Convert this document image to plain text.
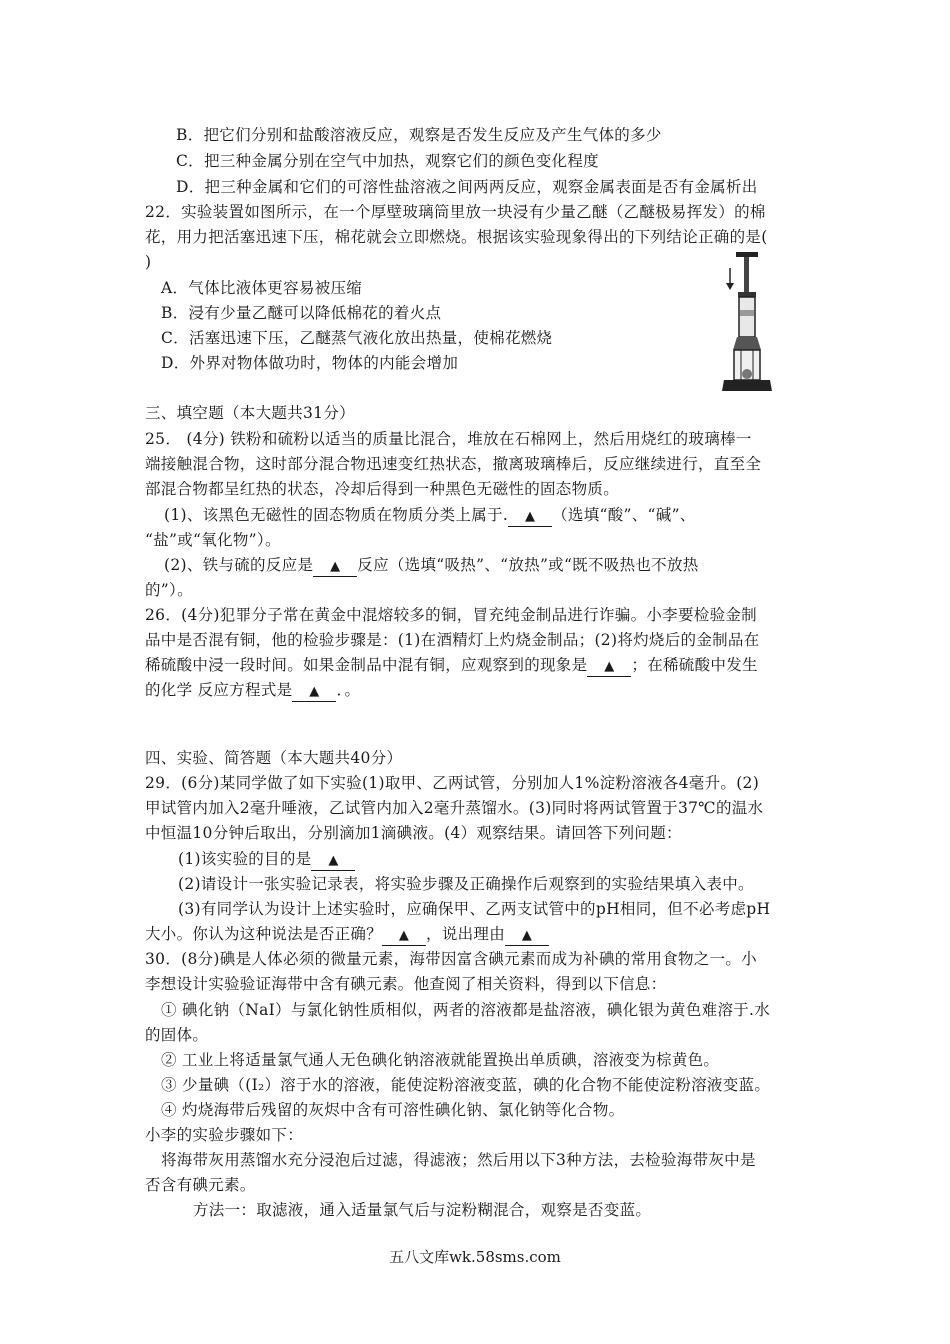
B．把它们分别和盐酸溶液反应，观察是否发生反应及产生气体的多少
C．把三种金属分别在空气中加热，观察它们的颜色变化程度
D．把三种金属和它们的可溶性盐溶液之间两两反应，观察金属表面是否有金属析出
22．实验装置如图所示，在一个厚壁玻璃筒里放一块浸有少量乙醚（乙醚极易挥发）的棉
花，用力把活塞迅速下压，棉花就会立即燃烧。根据该实验现象得出的下列结论正确的是(
)
A．气体比液体更容易被压缩
B．浸有少量乙醚可以降低棉花的着火点
C．活塞迅速下压，乙醚蒸气液化放出热量，使棉花燃烧
D．外界对物体做功时，物体的内能会增加
三、填空题（本大题共31分）
25． (4分) 铁粉和硫粉以适当的质量比混合，堆放在石棉网上，然后用烧红的玻璃棒一
端接触混合物，这时部分混合物迅速变红热状态，撤离玻璃棒后，反应继续进行，直至全
部混合物都呈红热的状态，冷却后得到一种黑色无磁性的固态物质。
(1)、该黑色无磁性的固态物质在物质分类上属于. ▲ （选填“酸”、“碱”、
“盐”或“氧化物”）。
(2)、铁与硫的反应是 ▲ 反应（选填“吸热”、“放热”或“既不吸热也不放热
的”）。
26．(4分)犯罪分子常在黄金中混熔较多的铜，冒充纯金制品进行诈骗。小李要检验金制
品中是否混有铜，他的检验步骤是：(1)在酒精灯上灼烧金制品；(2)将灼烧后的金制品在
稀硫酸中浸一段时间。如果金制品中混有铜，应观察到的现象是 ▲ ；在稀硫酸中发生
的化学 反应方程式是 ▲ ．。
四、实验、简答题（本大题共40分）
29．(6分)某同学做了如下实验(1)取甲、乙两试管，分别加人1%淀粉溶液各4毫升。(2)
甲试管内加入2毫升唾液，乙试管内加入2毫升蒸馏水。(3)同时将两试管置于37℃的温水
中恒温10分钟后取出，分别滴加1滴碘液。(4）观察结果。请回答下列问题：
(1)该实验的目的是 ▲
(2)请设计一张实验记录表，将实验步骤及正确操作后观察到的实验结果填入表中。
(3)有同学认为设计上述实验时，应确保甲、乙两支试管中的pH相同，但不必考虑pH
大小。你认为这种说法是否正确？ ▲ ，说出理由 ▲
30．(8分)碘是人体必须的微量元素，海带因富含碘元素而成为补碘的常用食物之一。小
李想设计实验验证海带中含有碘元素。他查阅了相关资料，得到以下信息：
① 碘化钠（NaI）与氯化钠性质相似，两者的溶液都是盐溶液，碘化银为黄色难溶于.水
的固体。
② 工业上将适量氯气通人无色碘化钠溶液就能置换出单质碘，溶液变为棕黄色。
③ 少量碘（(I₂）溶于水的溶液，能使淀粉溶液变蓝，碘的化合物不能使淀粉溶液变蓝。
④ 灼烧海带后残留的灰烬中含有可溶性碘化钠、氯化钠等化合物。
小李的实验步骤如下：
将海带灰用蒸馏水充分浸泡后过滤，得滤液；然后用以下3种方法，去检验海带灰中是
否含有碘元素。
方法一：取滤液，通入适量氯气后与淀粉糊混合，观察是否变蓝。
五八文库wk.58sms.com
